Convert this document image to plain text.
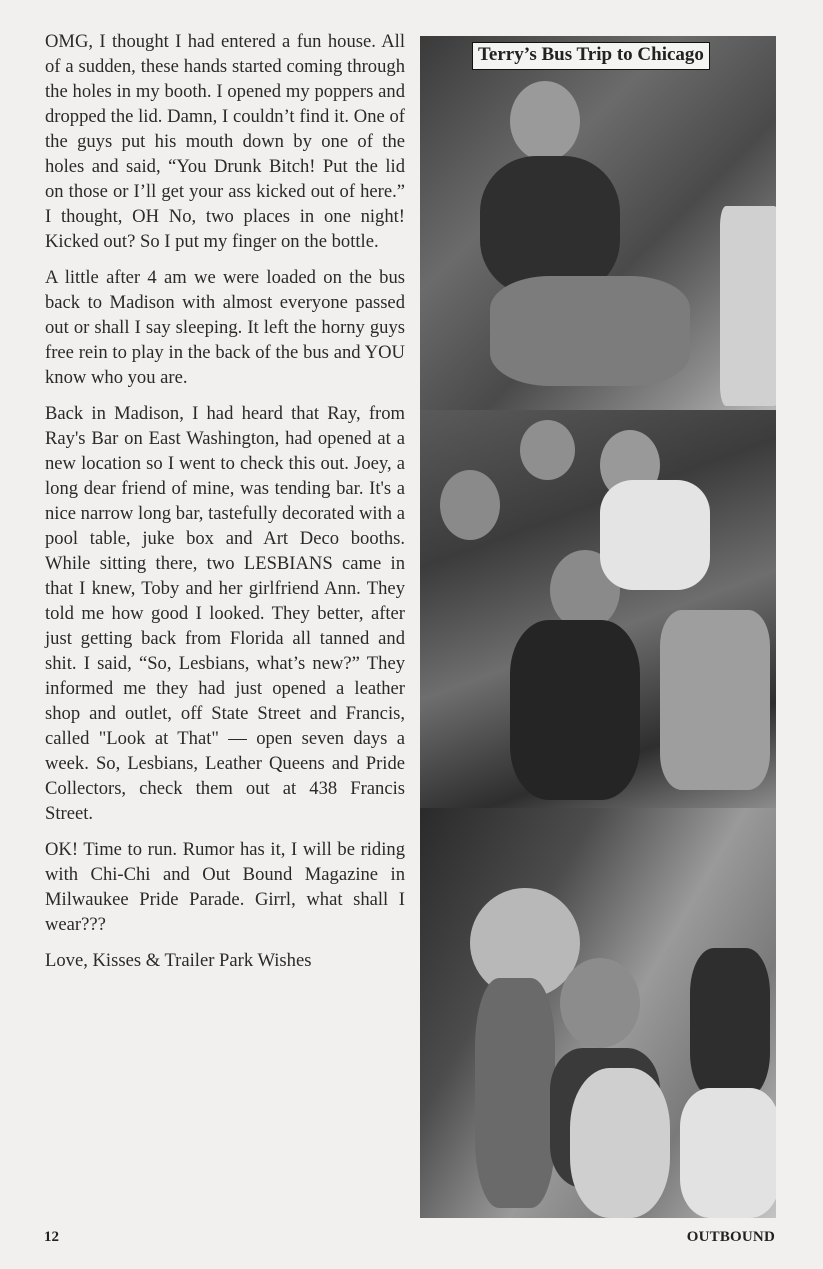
OMG, I thought I had entered a fun house. All of a sudden, these hands started coming through the holes in my booth. I opened my poppers and dropped the lid. Damn, I couldn’t find it. One of the guys put his mouth down by one of the holes and said, “You Drunk Bitch! Put the lid on those or I’ll get your ass kicked out of here.” I thought, OH No, two places in one night! Kicked out? So I put my finger on the bottle.

A little after 4 am we were loaded on the bus back to Madison with almost everyone passed out or shall I say sleeping. It left the horny guys free rein to play in the back of the bus and YOU know who you are.

Back in Madison, I had heard that Ray, from Ray's Bar on East Washington, had opened at a new location so I went to check this out. Joey, a long dear friend of mine, was tending bar. It's a nice narrow long bar, tastefully decorated with a pool table, juke box and Art Deco booths. While sitting there, two LESBIANS came in that I knew, Toby and her girlfriend Ann. They told me how good I looked. They better, after just getting back from Florida all tanned and shit. I said, “So, Lesbians, what’s new?” They informed me they had just opened a leather shop and outlet, off State Street and Francis, called "Look at That" — open seven days a week. So, Lesbians, Leather Queens and Pride Collectors, check them out at 438 Francis Street.

OK! Time to run. Rumor has it, I will be riding with Chi-Chi and Out Bound Magazine in Milwaukee Pride Parade. Girrl, what shall I wear???

Love, Kisses & Trailer Park Wishes

Terry’s Bus Trip to Chicago
12	OUTBOUND
